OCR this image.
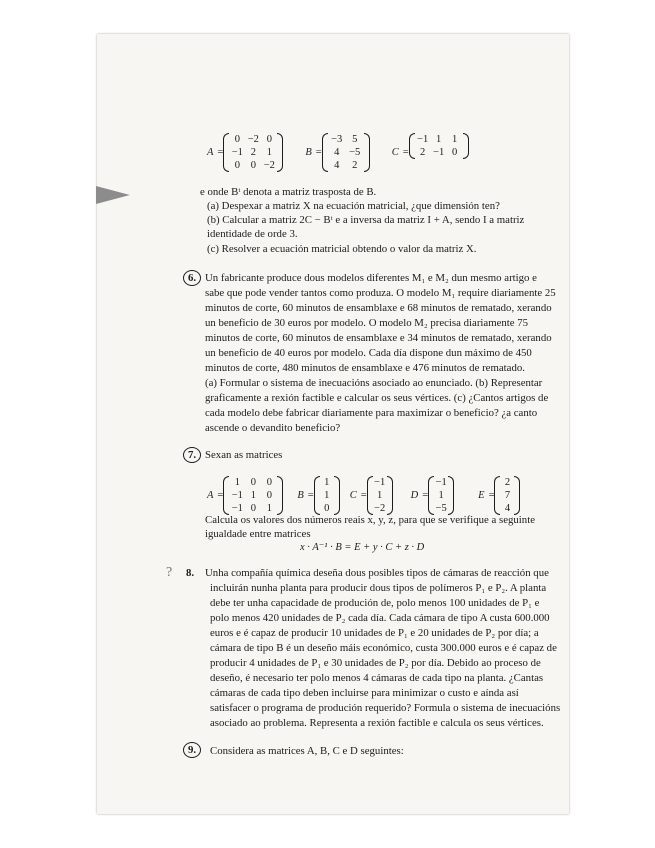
A =
0 −2 0
−1 2	1
0	0 −2
B =
−3 5
4 −5
4	2
C =
−1 1	1
2 −1 0
e onde Bᵗ denota a matriz trasposta de B.
(a) Despexar a matriz X na ecuación matricial, ¿que dimensión ten?
(b) Calcular a matriz 2C − Bᵗ e a inversa da matriz I + A, sendo I a matriz
identidade de orde 3.
(c) Resolver a ecuación matricial obtendo o valor da matriz X.
6. Un fabricante produce dous modelos diferentes M₁ e M₂ dun mesmo artigo e
sabe que pode vender tantos como produza. O modelo M₁ require diariamente 25
minutos de corte, 60 minutos de ensamblaxe e 68 minutos de rematado, xerando
un beneficio de 30 euros por modelo. O modelo M₂ precisa diariamente 75
minutos de corte, 60 minutos de ensamblaxe e 34 minutos de rematado, xerando
un beneficio de 40 euros por modelo. Cada día dispone dun máximo de 450
minutos de corte, 480 minutos de ensamblaxe e 476 minutos de rematado.
(a) Formular o sistema de inecuacións asociado ao enunciado. (b) Representar
graficamente a rexión factible e calcular os seus vértices. (c) ¿Cantos artigos de
cada modelo debe fabricar diariamente para maximizar o beneficio? ¿a canto
ascende o devandito beneficio?
7. Sexan as matrices
A =
1	0	0
−1 1	0
−1 0	1
B =
1
1
0
C =
−1
1
−2
D =
−1
1
−5
E =
2
7
4
Calcula os valores dos números reais x, y, z, para que se verifique a seguinte
igualdade entre matrices
x · A⁻¹ · B = E + y · C + z · D
? 8. Unha compañía química deseña dous posibles tipos de cámaras de reacción que
incluirán nunha planta para producir dous tipos de polímeros P₁ e P₂. A planta
debe ter unha capacidade de produción de, polo menos 100 unidades de P₁ e
polo menos 420 unidades de P₂ cada día. Cada cámara de tipo A custa 600.000
euros e é capaz de producir 10 unidades de P₁ e 20 unidades de P₂ por día; a
cámara de tipo B é un deseño máis económico, custa 300.000 euros e é capaz de
producir 4 unidades de P₁ e 30 unidades de P₂ por día. Debido ao proceso de
deseño, é necesario ter polo menos 4 cámaras de cada tipo na planta. ¿Cantas
cámaras de cada tipo deben incluirse para minimizar o custo e aínda así
satisfacer o programa de produción requerido? Formula o sistema de inecuacións
asociado ao problema. Representa a rexión factible e calcula os seus vértices.
9.	Considera as matrices A, B, C e D seguintes:
